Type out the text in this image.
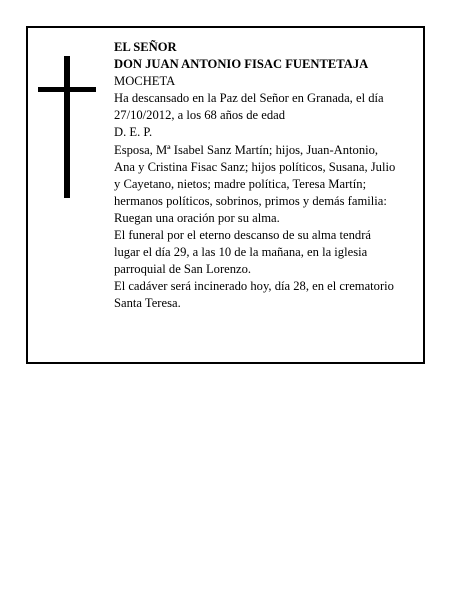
EL SEÑOR
DON JUAN ANTONIO FISAC FUENTETAJA
MOCHETA
Ha descansado en la Paz del Señor en Granada, el día
27/10/2012, a los 68 años de edad
D. E. P.
Esposa, Mª Isabel Sanz Martín; hijos, Juan-Antonio,
Ana y Cristina Fisac Sanz; hijos políticos, Susana, Julio
y Cayetano, nietos; madre política, Teresa Martín;
hermanos políticos, sobrinos, primos y demás familia:
Ruegan una oración por su alma.
El funeral por el eterno descanso de su alma tendrá
lugar el día 29, a las 10 de la mañana, en la iglesia
parroquial de San Lorenzo.
El cadáver será incinerado hoy, día 28, en el crematorio
Santa Teresa.
